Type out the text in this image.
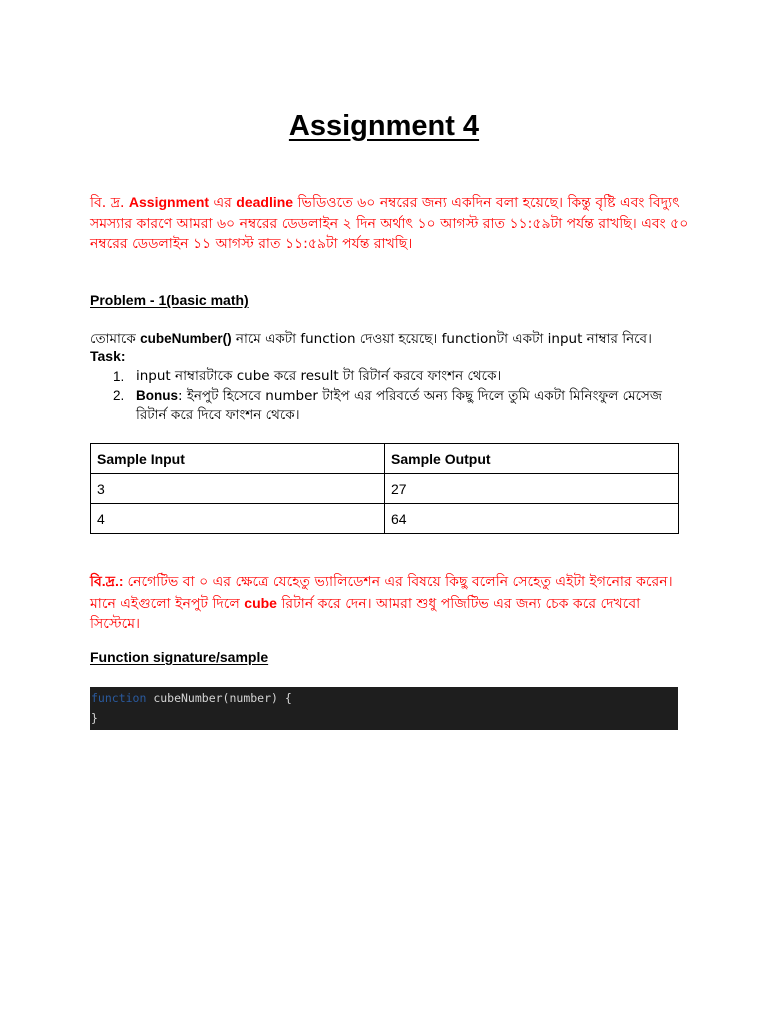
Assignment 4
বি. দ্র. Assignment এর deadline ভিডিওতে ৬০ নম্বরের জন্য একদিন বলা হয়েছে। কিন্তু বৃষ্টি এবং বিদ্যুৎ সমস্যার কারণে আমরা ৬০ নম্বরের ডেডলাইন ২ দিন অর্থাৎ ১০ আগস্ট রাত ১১:৫৯টা পর্যন্ত রাখছি। এবং ৫০ নম্বরের ডেডলাইন ১১ আগস্ট রাত ১১:৫৯টা পর্যন্ত রাখছি।
Problem - 1(basic math)
তোমাকে cubeNumber() নামে একটা function দেওয়া হয়েছে। functionটা একটা input নাম্বার নিবে।
Task:
1. input নাম্বারটাকে cube করে result টা রিটার্ন করবে ফাংশন থেকে।
2. Bonus: ইনপুট হিসেবে number টাইপ এর পরিবর্তে অন্য কিছু দিলে তুমি একটা মিনিংফুল মেসেজ রিটার্ন করে দিবে ফাংশন থেকে।
Sample Input	Sample Output
3	27
4	64
বি.দ্র.: নেগেটিভ বা ০ এর ক্ষেত্রে যেহেতু ভ্যালিডেশন এর বিষয়ে কিছু বলেনি সেহেতু এইটা ইগনোর করেন। মানে এইগুলো ইনপুট দিলে cube রিটার্ন করে দেন। আমরা শুধু পজিটিভ এর জন্য চেক করে দেখবো সিস্টেমে।
Function signature/sample
function cubeNumber(number) {
}
